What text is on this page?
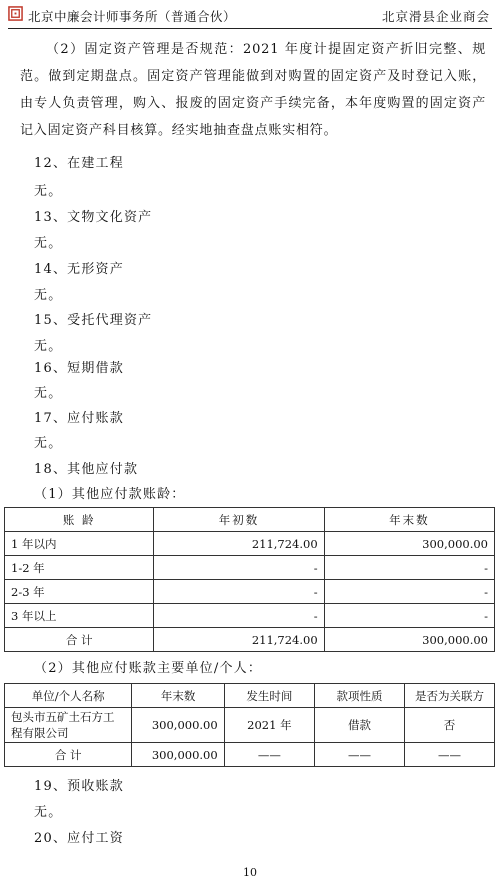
北京中廉会计师事务所（普通合伙）	北京滑县企业商会
（2）固定资产管理是否规范：2021 年度计提固定资产折旧完整、规范。做到定期盘点。固定资产管理能做到对购置的固定资产及时登记入账，由专人负责管理，购入、报废的固定资产手续完备，本年度购置的固定资产记入固定资产科目核算。经实地抽查盘点账实相符。
12、在建工程
无。
13、文物文化资产
无。
14、无形资产
无。
15、受托代理资产
无。
16、短期借款
无。
17、应付账款
无。
18、其他应付款
（1）其他应付款账龄：
账 龄	年初数	年末数
1 年以内	211,724.00	300,000.00
1-2 年	-	-
2-3 年	-	-
3 年以上	-	-
合 计	211,724.00	300,000.00
（2）其他应付账款主要单位/个人：
单位/个人名称	年末数	发生时间	款项性质	是否为关联方
包头市五矿土石方工程有限公司	300,000.00	2021 年	借款	否
合 计	300,000.00	——	——	——
19、预收账款
无。
20、应付工资
10
